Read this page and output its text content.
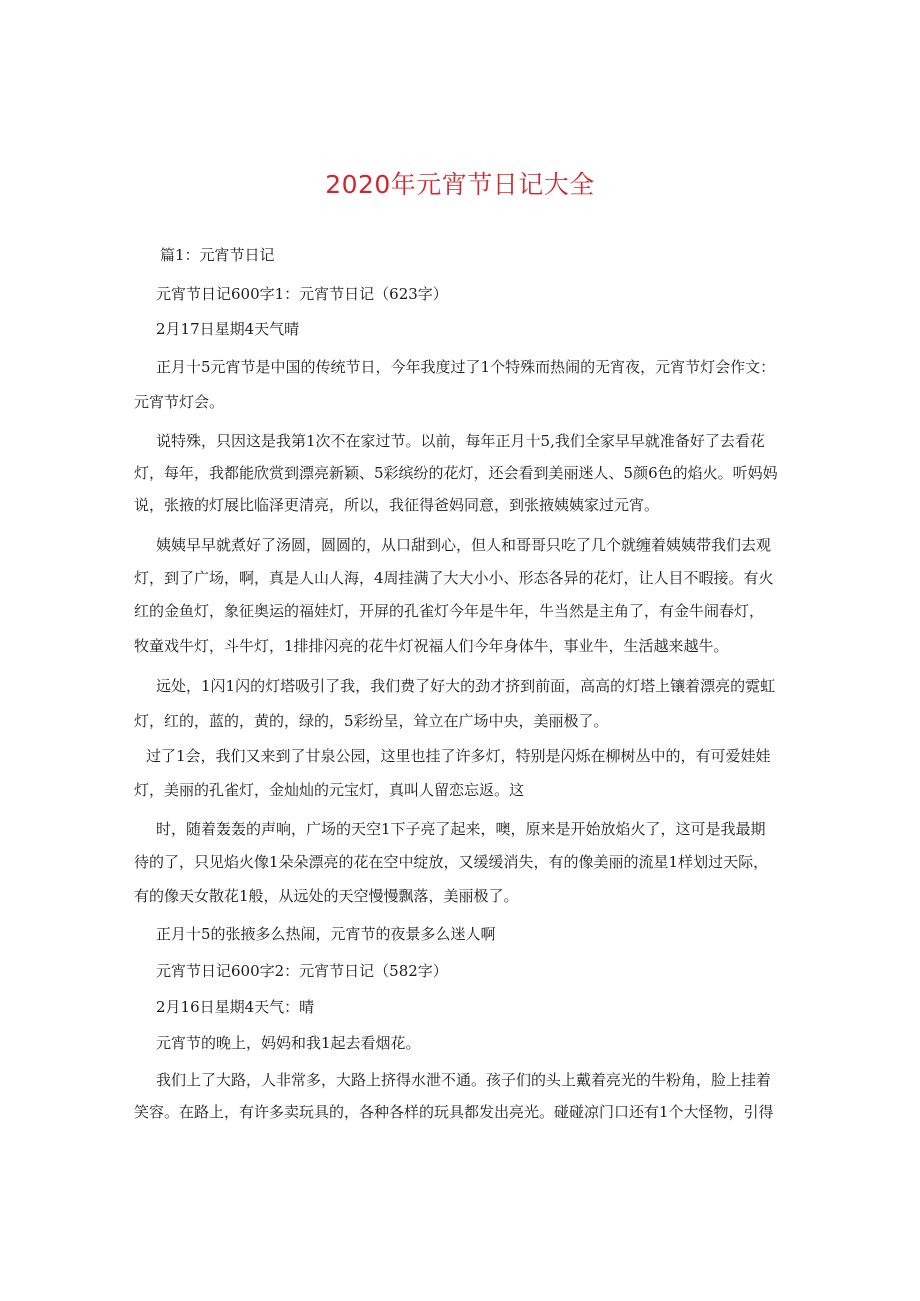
2020年元宵节日记大全
篇1：元宵节日记
元宵节日记600字1：元宵节日记（623字）
2月17日星期4天气晴
正月十5元宵节是中国的传统节日，今年我度过了1个特殊而热闹的无宵夜，元宵节灯会作文：
元宵节灯会。
说特殊，只因这是我第1次不在家过节。以前，每年正月十5,我们全家早早就准备好了去看花
灯，每年，我都能欣赏到漂亮新颖、5彩缤纷的花灯，还会看到美丽迷人、5颜6色的焰火。听妈妈
说，张掖的灯展比临泽更清亮，所以，我征得爸妈同意，到张掖姨姨家过元宵。
姨姨早早就煮好了汤圆，圆圆的，从口甜到心，但人和哥哥只吃了几个就缠着姨姨带我们去观
灯，到了广场，啊，真是人山人海，4周挂满了大大小小、形态各异的花灯，让人目不暇接。有火
红的金鱼灯，象征奥运的福娃灯，开屏的孔雀灯今年是牛年，牛当然是主角了，有金牛闹春灯，
牧童戏牛灯，斗牛灯，1排排闪亮的花牛灯祝福人们今年身体牛，事业牛，生活越来越牛。
远处，1闪1闪的灯塔吸引了我，我们费了好大的劲才挤到前面，高高的灯塔上镶着漂亮的霓虹
灯，红的，蓝的，黄的，绿的，5彩纷呈，耸立在广场中央，美丽极了。
过了1会，我们又来到了甘泉公园，这里也挂了许多灯，特别是闪烁在柳树丛中的，有可爱娃娃
灯，美丽的孔雀灯，金灿灿的元宝灯，真叫人留恋忘返。这
时，随着轰轰的声响，广场的天空1下子亮了起来，噢，原来是开始放焰火了，这可是我最期
待的了，只见焰火像1朵朵漂亮的花在空中绽放，又缓缓消失，有的像美丽的流星1样划过天际，
有的像天女散花1般，从远处的天空慢慢飘落，美丽极了。
正月十5的张掖多么热闹，元宵节的夜景多么迷人啊
元宵节日记600字2：元宵节日记（582字）
2月16日星期4天气：晴
元宵节的晚上，妈妈和我1起去看烟花。
我们上了大路，人非常多，大路上挤得水泄不通。孩子们的头上戴着亮光的牛粉角，脸上挂着
笑容。在路上，有许多卖玩具的，各种各样的玩具都发出亮光。碰碰凉门口还有1个大怪物，引得
